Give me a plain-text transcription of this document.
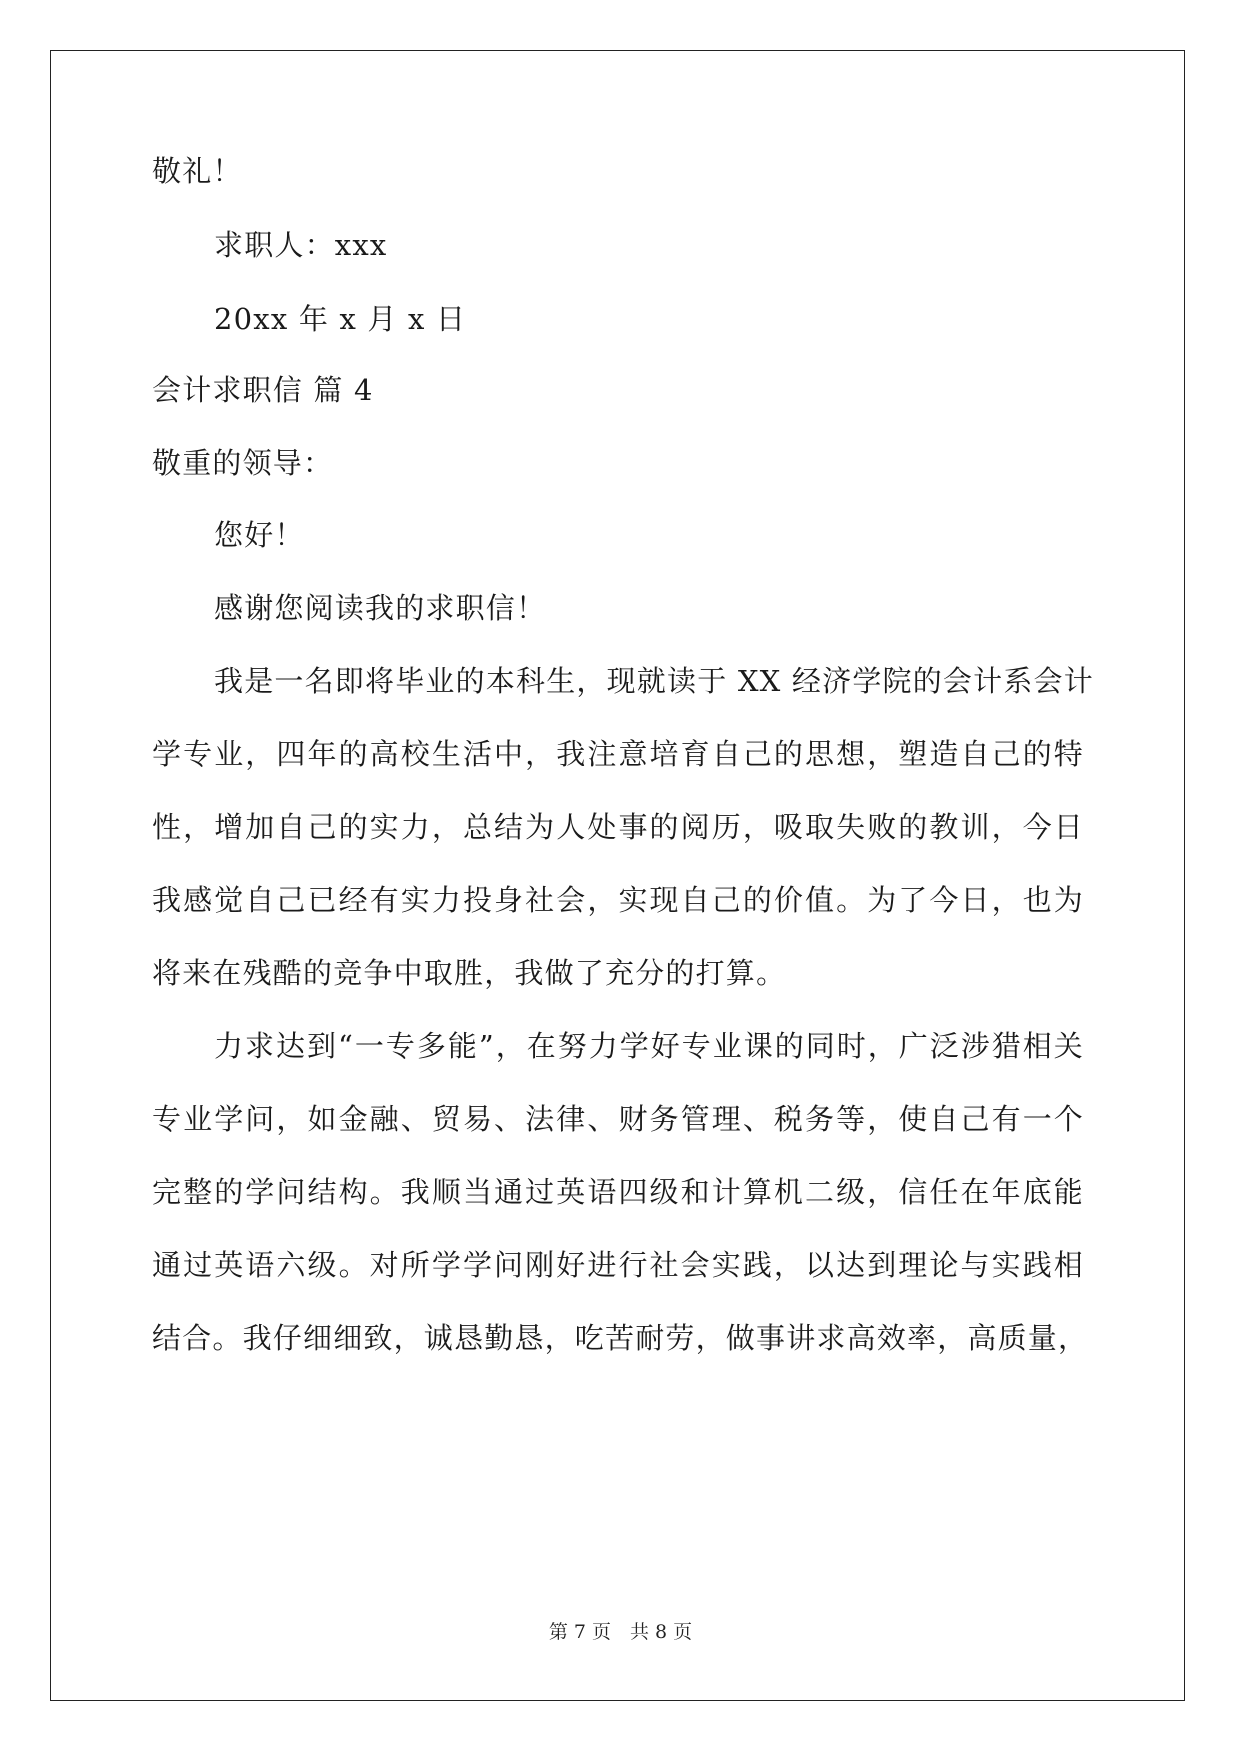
敬礼！
求职人：xxx
20xx 年 x 月 x 日
会计求职信 篇 4
敬重的领导：
您好！
感谢您阅读我的求职信！
我是一名即将毕业的本科生，现就读于 XX 经济学院的会计系会计
学专业，四年的高校生活中，我注意培育自己的思想，塑造自己的特
性，增加自己的实力，总结为人处事的阅历，吸取失败的教训，今日
我感觉自己已经有实力投身社会，实现自己的价值。为了今日，也为
将来在残酷的竞争中取胜，我做了充分的打算。
力求达到“一专多能”，在努力学好专业课的同时，广泛涉猎相关
专业学问，如金融、贸易、法律、财务管理、税务等，使自己有一个
完整的学问结构。我顺当通过英语四级和计算机二级，信任在年底能
通过英语六级。对所学学问刚好进行社会实践，以达到理论与实践相
结合。我仔细细致，诚恳勤恳，吃苦耐劳，做事讲求高效率，高质量，
第 7 页　共 8 页
